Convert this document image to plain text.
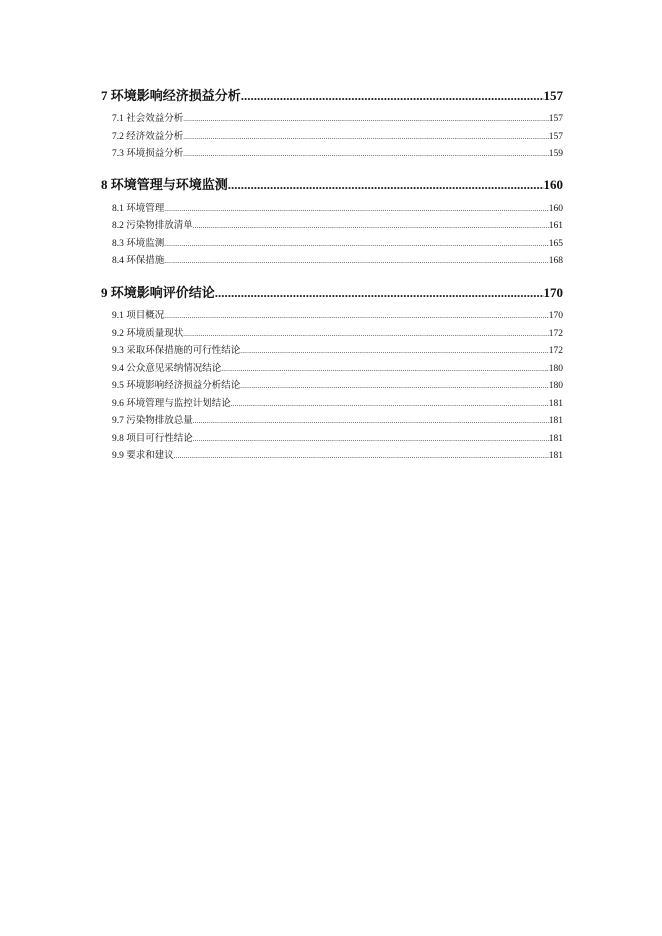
7 环境影响经济损益分析 .....	157
7.1 社会效益分析 .....	157
7.2 经济效益分析 .....	157
7.3 环境损益分析 .....	159
8 环境管理与环境监测 .....	160
8.1 环境管理 .....	160
8.2 污染物排放清单 .....	161
8.3 环境监测 .....	165
8.4 环保措施 .....	168
9 环境影响评价结论 .....	170
9.1 项目概况 .....	170
9.2 环境质量现状 .....	172
9.3 采取环保措施的可行性结论 .....	172
9.4 公众意见采纳情况结论 .....	180
9.5 环境影响经济损益分析结论 .....	180
9.6 环境管理与监控计划结论 .....	181
9.7 污染物排放总量 .....	181
9.8 项目可行性结论 .....	181
9.9 要求和建议 .....	181
